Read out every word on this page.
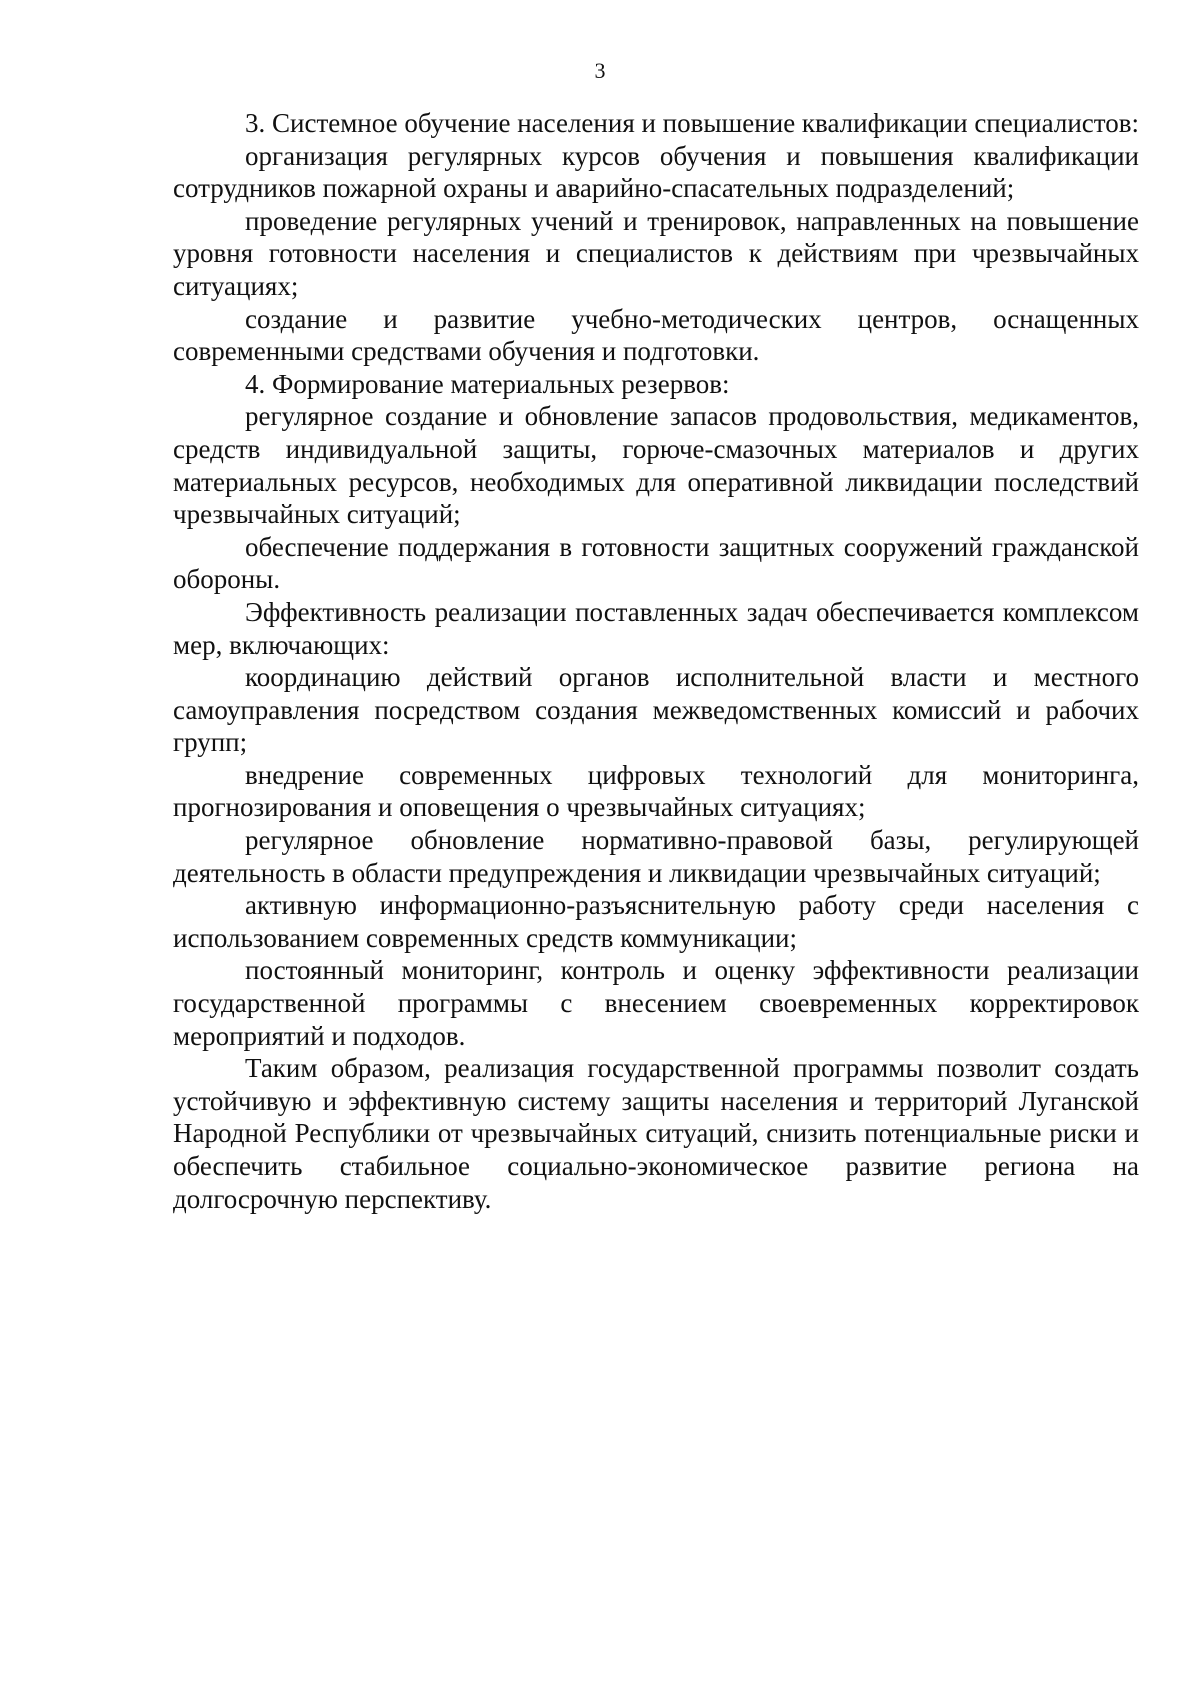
3

3. Системное обучение населения и повышение квалификации специалистов:

организация регулярных курсов обучения и повышения квалификации сотрудников пожарной охраны и аварийно-спасательных подразделений;

проведение регулярных учений и тренировок, направленных на повышение уровня готовности населения и специалистов к действиям при чрезвычайных ситуациях;

создание и развитие учебно-методических центров, оснащенных современными средствами обучения и подготовки.

4. Формирование материальных резервов:

регулярное создание и обновление запасов продовольствия, медикаментов, средств индивидуальной защиты, горюче-смазочных материалов и других материальных ресурсов, необходимых для оперативной ликвидации последствий чрезвычайных ситуаций;

обеспечение поддержания в готовности защитных сооружений гражданской обороны.

Эффективность реализации поставленных задач обеспечивается комплексом мер, включающих:

координацию действий органов исполнительной власти и местного самоуправления посредством создания межведомственных комиссий и рабочих групп;

внедрение современных цифровых технологий для мониторинга, прогнозирования и оповещения о чрезвычайных ситуациях;

регулярное обновление нормативно-правовой базы, регулирующей деятельность в области предупреждения и ликвидации чрезвычайных ситуаций;

активную информационно-разъяснительную работу среди населения с использованием современных средств коммуникации;

постоянный мониторинг, контроль и оценку эффективности реализации государственной программы с внесением своевременных корректировок мероприятий и подходов.

Таким образом, реализация государственной программы позволит создать устойчивую и эффективную систему защиты населения и территорий Луганской Народной Республики от чрезвычайных ситуаций, снизить потенциальные риски и обеспечить стабильное социально-экономическое развитие региона на долгосрочную перспективу.
